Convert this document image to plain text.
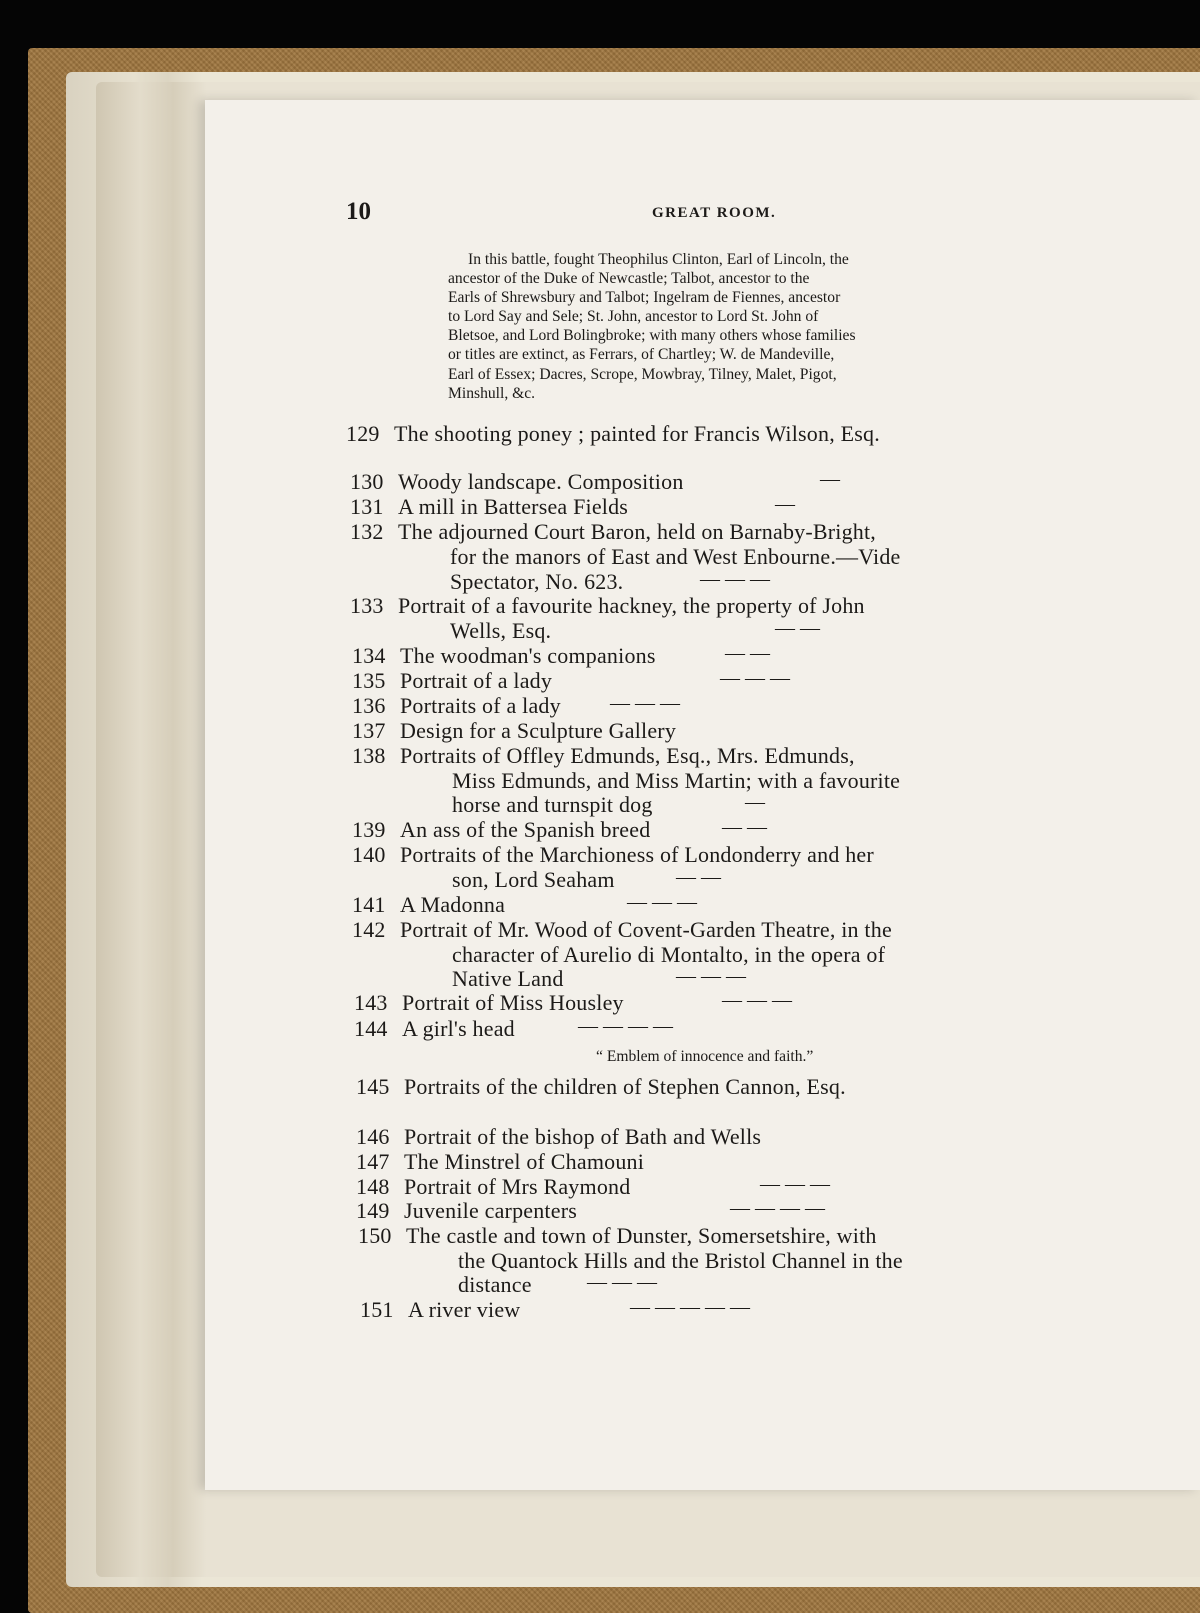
10	GREAT ROOM.
In this battle, fought Theophilus Clinton, Earl of Lincoln, the
ancestor of the Duke of Newcastle; Talbot, ancestor to the
Earls of Shrewsbury and Talbot; Ingelram de Fiennes, ancestor
to Lord Say and Sele; St. John, ancestor to Lord St. John of
Bletsoe, and Lord Bolingbroke; with many others whose families
or titles are extinct, as Ferrars, of Chartley; W. de Mandeville,
Earl of Essex; Dacres, Scrope, Mowbray, Tilney, Malet, Pigot,
Minshull, &c.
129 The shooting poney ; painted for Francis Wilson, Esq.
130 Woody landscape. Composition	—
131 A mill in Battersea Fields	—
132 The adjourned Court Baron, held on Barnaby-Bright,
for the manors of East and West Enbourne.—Vide
Spectator, No. 623.	— — —
133 Portrait of a favourite hackney, the property of John
Wells, Esq.	— —
134 The woodman's companions	— —
135 Portrait of a lady	— — —
136 Portraits of a lady — — —
137 Design for a Sculpture Gallery
138 Portraits of Offley Edmunds, Esq., Mrs. Edmunds,
Miss Edmunds, and Miss Martin; with a favourite
horse and turnspit dog	—
139 An ass of the Spanish breed	— —
140 Portraits of the Marchioness of Londonderry and her
son, Lord Seaham	— —
141 A Madonna	— — —
142 Portrait of Mr. Wood of Covent-Garden Theatre, in the
character of Aurelio di Montalto, in the opera of
Native Land	— — —
143 Portrait of Miss Housley	— — —
144 A girl's head	— — — —
145 Portraits of the children of Stephen Cannon, Esq.
146 Portrait of the bishop of Bath and Wells
147 The Minstrel of Chamouni
148 Portrait of Mrs Raymond	— — —
149 Juvenile carpenters	— — — —
150 The castle and town of Dunster, Somersetshire, with
the Quantock Hills and the Bristol Channel in the
distance	— — —
151 A river view	— — — — —
“ Emblem of innocence and faith.”
